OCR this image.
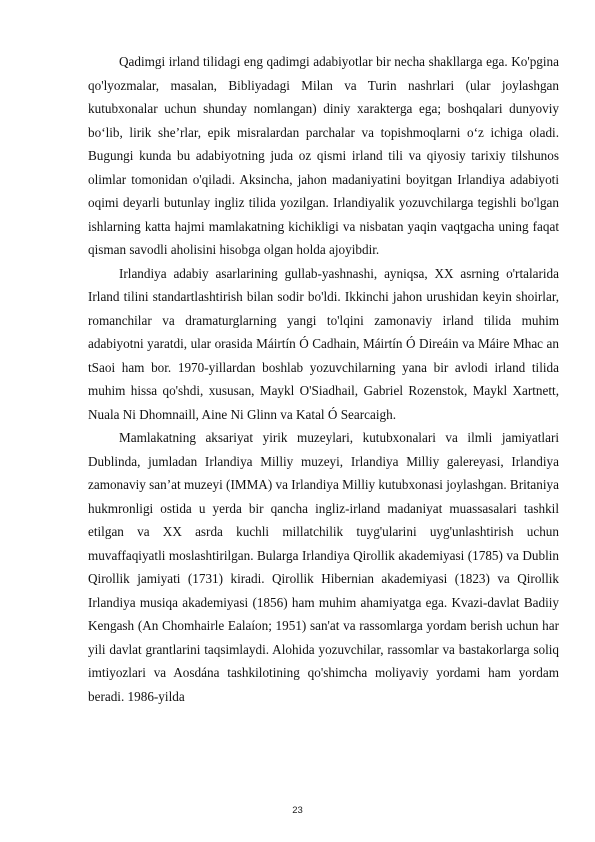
Qadimgi irland tilidagi eng qadimgi adabiyotlar bir necha shakllarga ega. Ko'pgina qo'lyozmalar, masalan, Bibliyadagi Milan va Turin nashrlari (ular joylashgan kutubxonalar uchun shunday nomlangan) diniy xarakterga ega; boshqalari dunyoviy bo‘lib, lirik she’rlar, epik misralardan parchalar va topishmoqlarni o‘z ichiga oladi. Bugungi kunda bu adabiyotning juda oz qismi irland tili va qiyosiy tarixiy tilshunos olimlar tomonidan o'qiladi. Aksincha, jahon madaniyatini boyitgan Irlandiya adabiyoti oqimi deyarli butunlay ingliz tilida yozilgan. Irlandiyalik yozuvchilarga tegishli bo'lgan ishlarning katta hajmi mamlakatning kichikligi va nisbatan yaqin vaqtgacha uning faqat qisman savodli aholisini hisobga olgan holda ajoyibdir.

Irlandiya adabiy asarlarining gullab-yashnashi, ayniqsa, XX asrning o'rtalarida Irland tilini standartlashtirish bilan sodir bo'ldi. Ikkinchi jahon urushidan keyin shoirlar, romanchilar va dramaturglarning yangi to'lqini zamonaviy irland tilida muhim adabiyotni yaratdi, ular orasida Máirtín Ó Cadhain, Máirtín Ó Direáin va Máire Mhac an tSaoi ham bor. 1970-yillardan boshlab yozuvchilarning yana bir avlodi irland tilida muhim hissa qo'shdi, xususan, Maykl O'Siadhail, Gabriel Rozenstok, Maykl Xartnett, Nuala Ni Dhomnaill, Aine Ni Glinn va Katal Ó Searcaigh.

Mamlakatning aksariyat yirik muzeylari, kutubxonalari va ilmli jamiyatlari Dublinda, jumladan Irlandiya Milliy muzeyi, Irlandiya Milliy galereyasi, Irlandiya zamonaviy san’at muzeyi (IMMA) va Irlandiya Milliy kutubxonasi joylashgan. Britaniya hukmronligi ostida u yerda bir qancha ingliz-irland madaniyat muassasalari tashkil etilgan va XX asrda kuchli millatchilik tuyg'ularini uyg'unlashtirish uchun muvaffaqiyatli moslashtirilgan. Bularga Irlandiya Qirollik akademiyasi (1785) va Dublin Qirollik jamiyati (1731) kiradi. Qirollik Hibernian akademiyasi (1823) va Qirollik Irlandiya musiqa akademiyasi (1856) ham muhim ahamiyatga ega. Kvazi-davlat Badiiy Kengash (An Chomhairle Ealaíon; 1951) san'at va rassomlarga yordam berish uchun har yili davlat grantlarini taqsimlaydi. Alohida yozuvchilar, rassomlar va bastakorlarga soliq imtiyozlari va Aosdána tashkilotining qo'shimcha moliyaviy yordami ham yordam beradi. 1986-yilda

23
